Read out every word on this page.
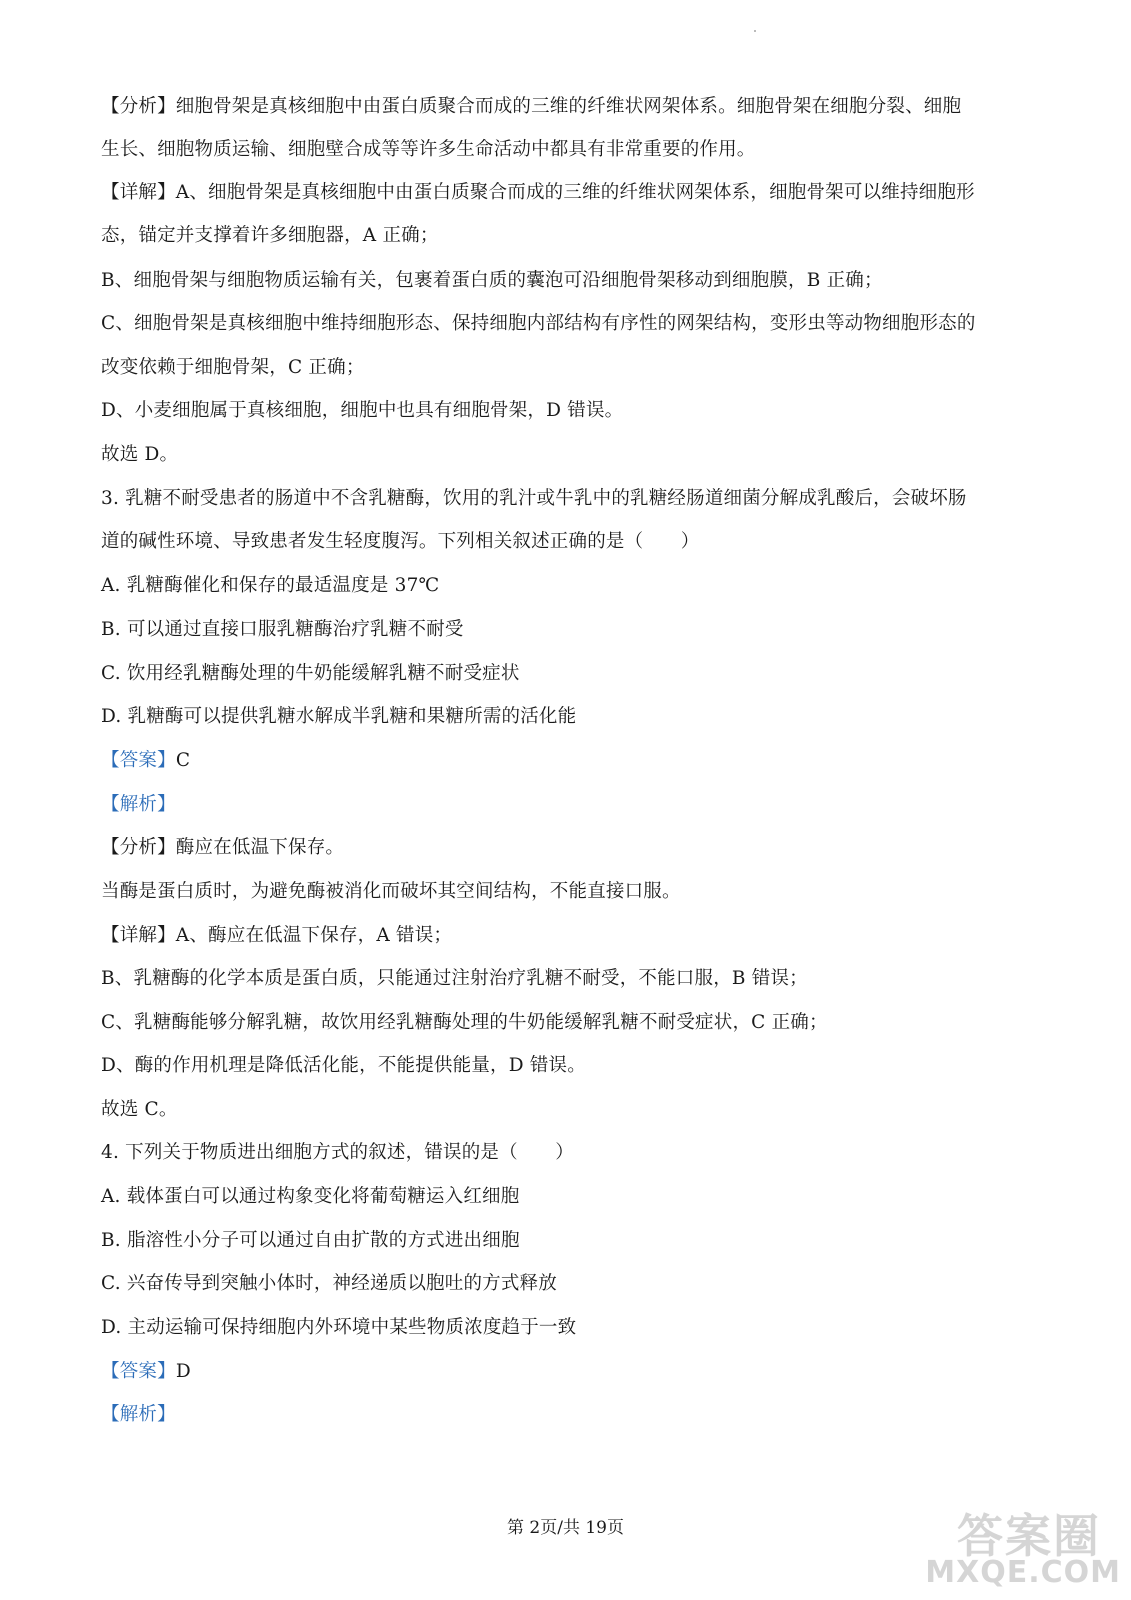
【分析】细胞骨架是真核细胞中由蛋白质聚合而成的三维的纤维状网架体系。细胞骨架在细胞分裂、细胞
生长、细胞物质运输、细胞壁合成等等许多生命活动中都具有非常重要的作用。
【详解】A、细胞骨架是真核细胞中由蛋白质聚合而成的三维的纤维状网架体系，细胞骨架可以维持细胞形
态，锚定并支撑着许多细胞器，A 正确；
B、细胞骨架与细胞物质运输有关，包裹着蛋白质的囊泡可沿细胞骨架移动到细胞膜，B 正确；
C、细胞骨架是真核细胞中维持细胞形态、保持细胞内部结构有序性的网架结构，变形虫等动物细胞形态的
改变依赖于细胞骨架，C 正确；
D、小麦细胞属于真核细胞，细胞中也具有细胞骨架，D 错误。
故选 D。
3. 乳糖不耐受患者的肠道中不含乳糖酶，饮用的乳汁或牛乳中的乳糖经肠道细菌分解成乳酸后，会破坏肠
道的碱性环境、导致患者发生轻度腹泻。下列相关叙述正确的是（　　）
A. 乳糖酶催化和保存的最适温度是 37℃
B. 可以通过直接口服乳糖酶治疗乳糖不耐受
C. 饮用经乳糖酶处理的牛奶能缓解乳糖不耐受症状
D. 乳糖酶可以提供乳糖水解成半乳糖和果糖所需的活化能
【答案】C
【解析】
【分析】酶应在低温下保存。
当酶是蛋白质时，为避免酶被消化而破坏其空间结构，不能直接口服。
【详解】A、酶应在低温下保存，A 错误；
B、乳糖酶的化学本质是蛋白质，只能通过注射治疗乳糖不耐受，不能口服，B 错误；
C、乳糖酶能够分解乳糖，故饮用经乳糖酶处理的牛奶能缓解乳糖不耐受症状，C 正确；
D、酶的作用机理是降低活化能，不能提供能量，D 错误。
故选 C。
4. 下列关于物质进出细胞方式的叙述，错误的是（　　）
A. 载体蛋白可以通过构象变化将葡萄糖运入红细胞
B. 脂溶性小分子可以通过自由扩散的方式进出细胞
C. 兴奋传导到突触小体时，神经递质以胞吐的方式释放
D. 主动运输可保持细胞内外环境中某些物质浓度趋于一致
【答案】D
【解析】
第 2页/共 19页	答案圈
MXQE.COM
